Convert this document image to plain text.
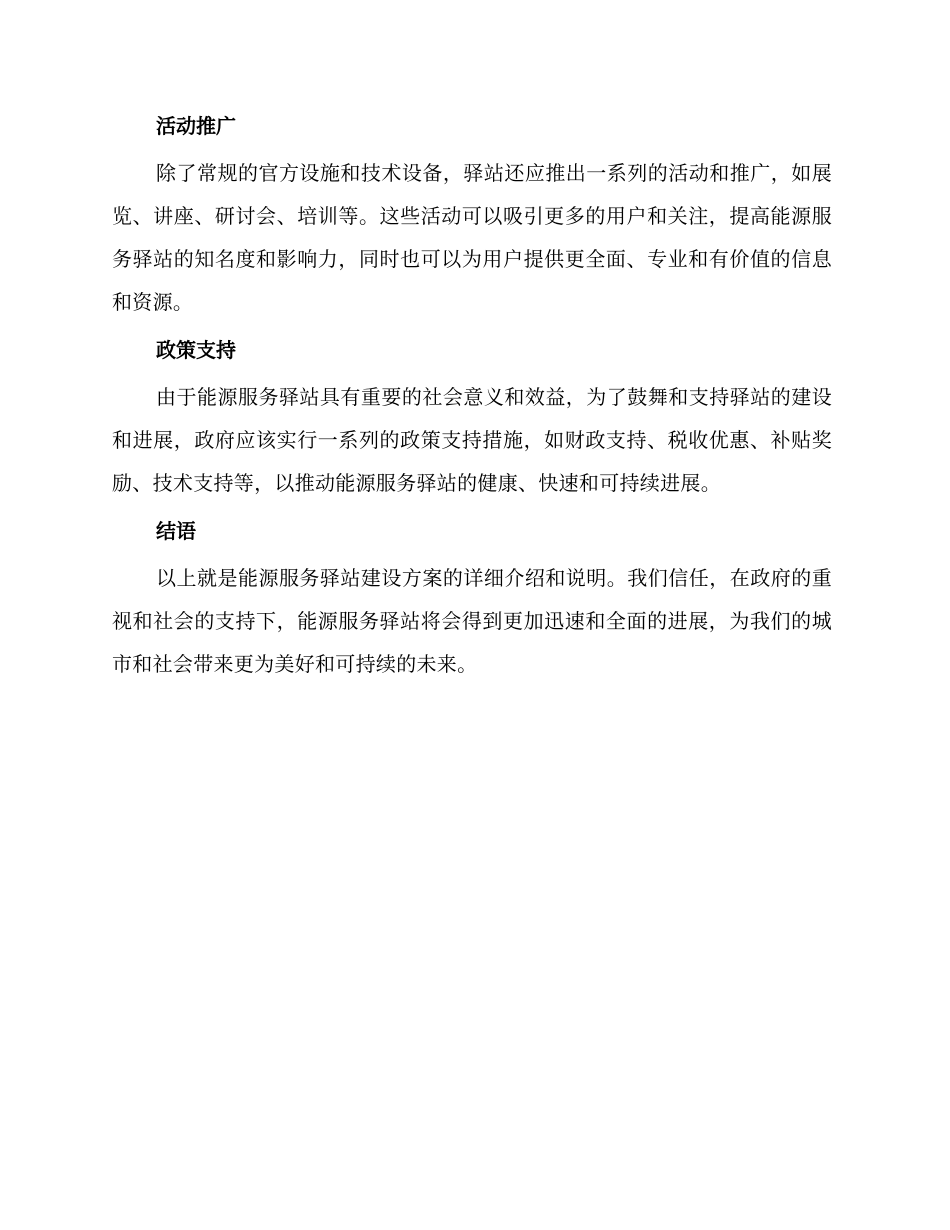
活动推广

除了常规的官方设施和技术设备，驿站还应推出一系列的活动和推广，如展览、讲座、研讨会、培训等。这些活动可以吸引更多的用户和关注，提高能源服务驿站的知名度和影响力，同时也可以为用户提供更全面、专业和有价值的信息和资源。

政策支持

由于能源服务驿站具有重要的社会意义和效益，为了鼓舞和支持驿站的建设和进展，政府应该实行一系列的政策支持措施，如财政支持、税收优惠、补贴奖励、技术支持等，以推动能源服务驿站的健康、快速和可持续进展。

结语

以上就是能源服务驿站建设方案的详细介绍和说明。我们信任，在政府的重视和社会的支持下，能源服务驿站将会得到更加迅速和全面的进展，为我们的城市和社会带来更为美好和可持续的未来。
